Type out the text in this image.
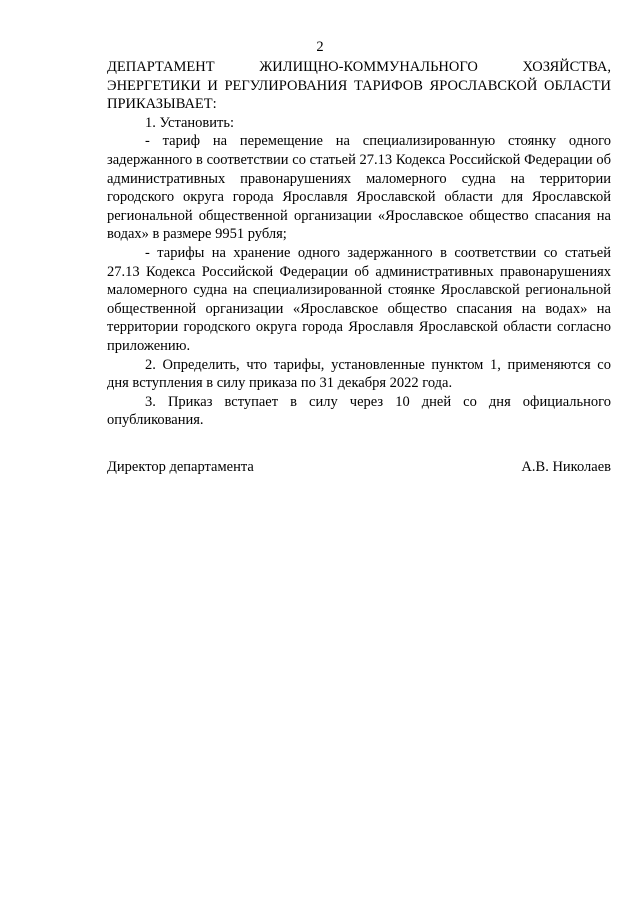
2

ДЕПАРТАМЕНТ ЖИЛИЩНО-КОММУНАЛЬНОГО ХОЗЯЙСТВА, ЭНЕРГЕТИКИ И РЕГУЛИРОВАНИЯ ТАРИФОВ ЯРОСЛАВСКОЙ ОБЛАСТИ ПРИКАЗЫВАЕТ:

1. Установить:

- тариф на перемещение на специализированную стоянку одного задержанного в соответствии со статьей 27.13 Кодекса Российской Федерации об административных правонарушениях маломерного судна на территории городского округа города Ярославля Ярославской области для Ярославской региональной общественной организации «Ярославское общество спасания на водах» в размере 9951 рубля;

- тарифы на хранение одного задержанного в соответствии со статьей 27.13 Кодекса Российской Федерации об административных правонарушениях маломерного судна на специализированной стоянке Ярославской региональной общественной организации «Ярославское общество спасания на водах» на территории городского округа города Ярославля Ярославской области согласно приложению.

2. Определить, что тарифы, установленные пунктом 1, применяются со дня вступления в силу приказа по 31 декабря 2022 года.

3. Приказ вступает в силу через 10 дней со дня официального опубликования.

Директор департамента	А.В. Николаев
